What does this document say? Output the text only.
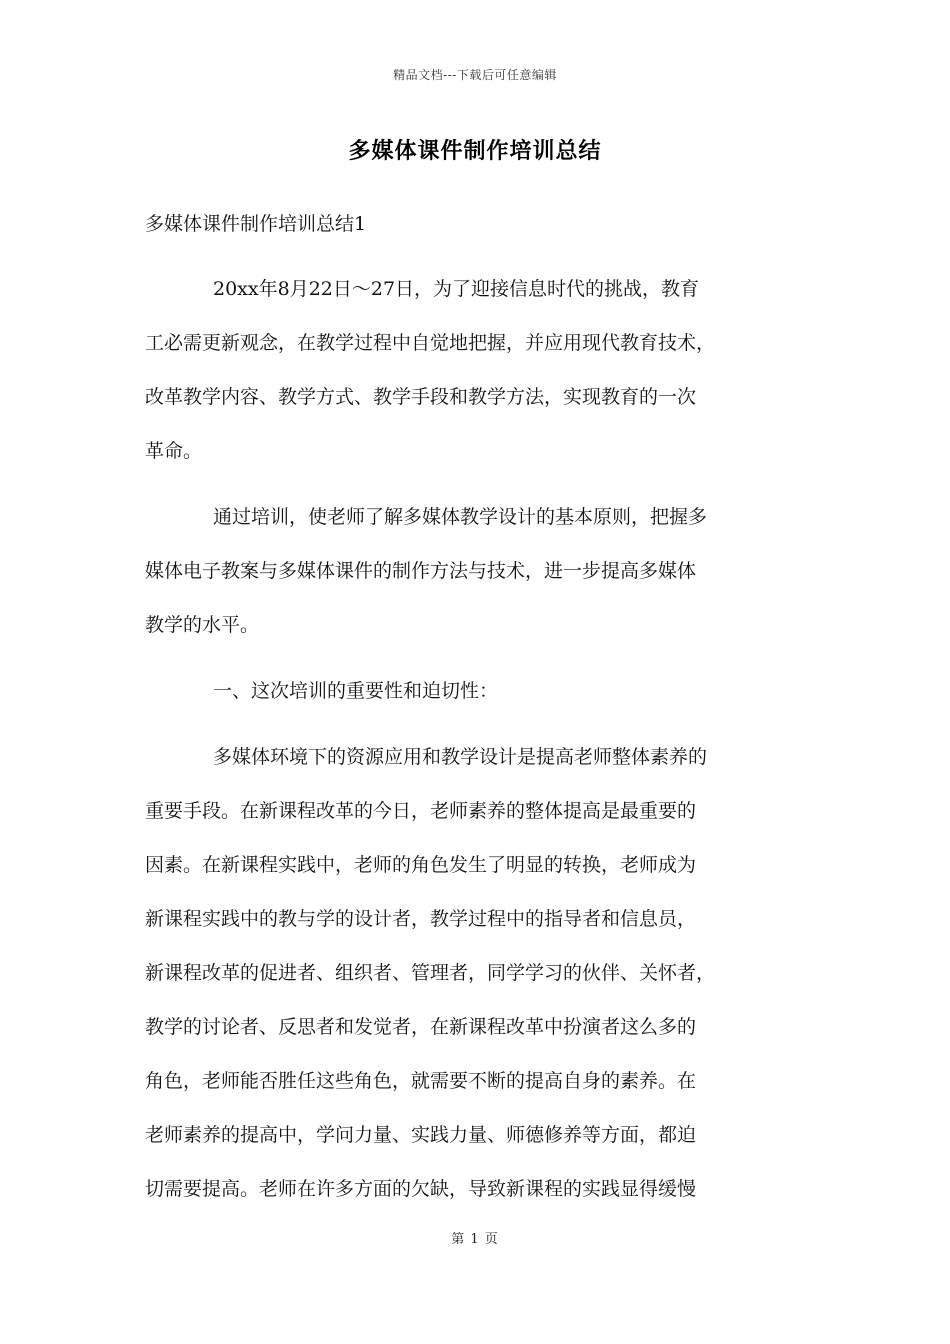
精品文档---下载后可任意编辑
多媒体课件制作培训总结
多媒体课件制作培训总结1
20xx年8月22日～27日，为了迎接信息时代的挑战，教育
工必需更新观念，在教学过程中自觉地把握，并应用现代教育技术，
改革教学内容、教学方式、教学手段和教学方法，实现教育的一次
革命。
通过培训，使老师了解多媒体教学设计的基本原则，把握多
媒体电子教案与多媒体课件的制作方法与技术，进一步提高多媒体
教学的水平。
一、这次培训的重要性和迫切性：
多媒体环境下的资源应用和教学设计是提高老师整体素养的
重要手段。在新课程改革的今日，老师素养的整体提高是最重要的
因素。在新课程实践中，老师的角色发生了明显的转换，老师成为
新课程实践中的教与学的设计者，教学过程中的指导者和信息员，
新课程改革的促进者、组织者、管理者，同学学习的伙伴、关怀者，
教学的讨论者、反思者和发觉者，在新课程改革中扮演者这么多的
角色，老师能否胜任这些角色，就需要不断的提高自身的素养。在
老师素养的提高中，学问力量、实践力量、师德修养等方面，都迫
切需要提高。老师在许多方面的欠缺，导致新课程的实践显得缓慢
第 1 页
